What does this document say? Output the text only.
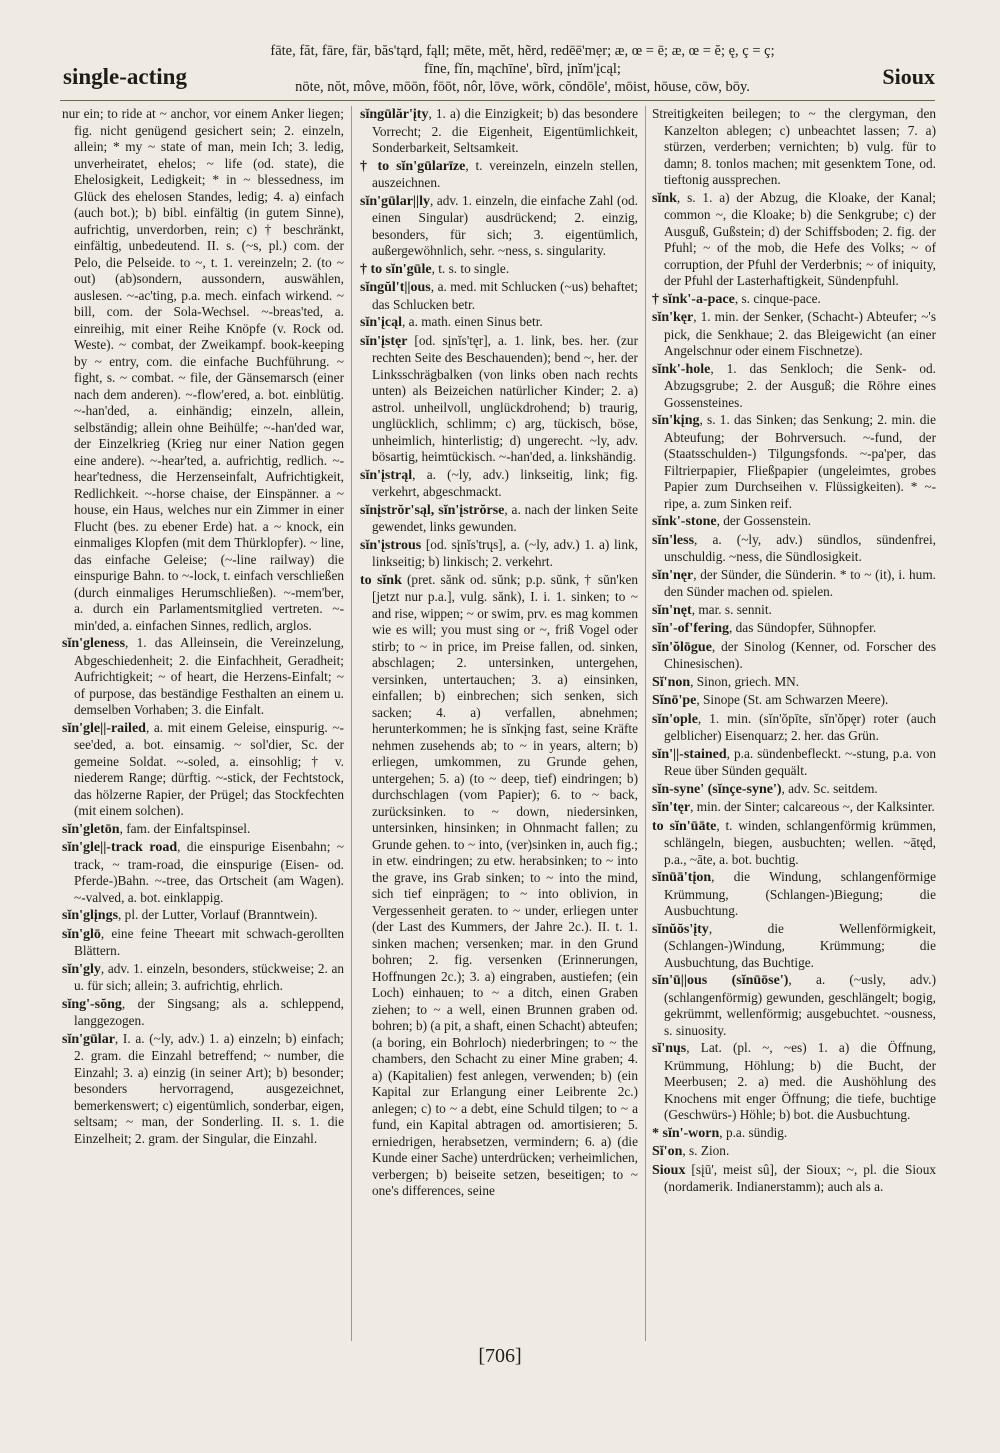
single-acting
fāte, făt, fāre, fär, băs'tąrd, fąll; mēte, mĕt, hẽrd, redēē'mẹr; æ, œ = ē; æ, œ = ĕ; ę, ç = ç;
fīne, fĭn, mąchīne', bĩrd, įnĭm'įcąl;
nōte, nŏt, môve, mōōn, fōōt, nôr, lōve, wōrk, cŏndōle', mōist, hōuse, cōw, bōy.	Sioux

nur ein; to ride at ~ anchor, vor einem Anker liegen; fig. nicht genügend gesichert sein; 2. einzeln, allein; * my ~ state of man, mein Ich; 3. ledig, unverheiratet, ehelos; ~ life (od. state), die Ehelosigkeit, Ledigkeit; * in ~ blessedness, im Glück des ehelosen Standes, ledig; 4. a) einfach (auch bot.); b) bibl. einfältig (in gutem Sinne), aufrichtig, unverdorben, rein; c) † beschränkt, einfältig, unbedeutend. II. s. (~s, pl.) com. der Pelo, die Pelseide. to ~, t. 1. vereinzeln; 2. (to ~ out) (ab)sondern, aussondern, auswählen, auslesen. ~-ac'ting, p.a. mech. einfach wirkend. ~ bill, com. der Sola-Wechsel. ~-breas'ted, a. einreihig, mit einer Reihe Knöpfe (v. Rock od. Weste). ~ combat, der Zweikampf. book-keeping by ~ entry, com. die einfache Buchführung. ~ fight, s. ~ combat. ~ file, der Gänsemarsch (einer nach dem anderen). ~-flow'ered, a. bot. einblütig. ~-han'ded, a. einhändig; einzeln, allein, selbständig; allein ohne Beihülfe; ~-han'ded war, der Einzelkrieg (Krieg nur einer Nation gegen eine andere). ~-hear'ted, a. aufrichtig, redlich. ~-hear'tedness, die Herzenseinfalt, Aufrichtigkeit, Redlichkeit. ~-horse chaise, der Einspänner. a ~ house, ein Haus, welches nur ein Zimmer in einer Flucht (bes. zu ebener Erde) hat. a ~ knock, ein einmaliges Klopfen (mit dem Thürklopfer). ~ line, das einfache Geleise; (~-line railway) die einspurige Bahn. to ~-lock, t. einfach verschließen (durch einmaliges Herumschließen). ~-mem'ber, a. durch ein Parlamentsmitglied vertreten. ~-min'ded, a. einfachen Sinnes, redlich, arglos.

sĭn'gleness, 1. das Alleinsein, die Vereinzelung, Abgeschiedenheit; 2. die Einfachheit, Geradheit; Aufrichtigkeit; ~ of heart, die Herzens-Einfalt; ~ of purpose, das beständige Festhalten an einem u. demselben Vorhaben; 3. die Einfalt.

sĭn'gle||-railed, a. mit einem Geleise, einspurig. ~-see'ded, a. bot. einsamig. ~ sol'dier, Sc. der gemeine Soldat. ~-soled, a. einsohlig; † v. niederem Range; dürftig. ~-stick, der Fechtstock, das hölzerne Rapier, der Prügel; das Stockfechten (mit einem solchen).

sĭn'gletōn, fam. der Einfaltspinsel.

sĭn'gle||-track road, die einspurige Eisenbahn; ~ track, ~ tram-road, die einspurige (Eisen- od. Pferde-)Bahn. ~-tree, das Ortscheit (am Wagen). ~-valved, a. bot. einklappig.

sĭn'glįngs, pl. der Lutter, Vorlauf (Branntwein).

sĭn'glō, eine feine Theeart mit schwach-gerollten Blättern.

sĭn'gly, adv. 1. einzeln, besonders, stückweise; 2. an u. für sich; allein; 3. aufrichtig, ehrlich.

sĭng'-sŏng, der Singsang; als a. schleppend, langgezogen.

sĭn'gūlar, I. a. (~ly, adv.) 1. a) einzeln; b) einfach; 2. gram. die Einzahl betreffend; ~ number, die Einzahl; 3. a) einzig (in seiner Art); b) besonder; besonders hervorragend, ausgezeichnet, bemerkenswert; c) eigentümlich, sonderbar, eigen, seltsam; ~ man, der Sonderling. II. s. 1. die Einzelheit; 2. gram. der Singular, die Einzahl.

sĭngūlăr'įty, 1. a) die Einzigkeit; b) das besondere Vorrecht; 2. die Eigenheit, Eigentümlichkeit, Sonderbarkeit, Seltsamkeit.

† to sĭn'gūlarīze, t. vereinzeln, einzeln stellen, auszeichnen.

sĭn'gūlar||ly, adv. 1. einzeln, die einfache Zahl (od. einen Singular) ausdrückend; 2. einzig, besonders, für sich; 3. eigentümlich, außergewöhnlich, sehr. ~ness, s. singularity.

† to sĭn'gūle, t. s. to single.

sĭngŭl't||ous, a. med. mit Schlucken (~us) behaftet; das Schlucken betr.

sĭn'įcąl, a. math. einen Sinus betr.

sĭn'įstęr [od. sįnĭs'tęr], a. 1. link, bes. her. (zur rechten Seite des Beschauenden); bend ~, her. der Linksschrägbalken (von links oben nach rechts unten) als Beizeichen natürlicher Kinder; 2. a) astrol. unheilvoll, unglückdrohend; b) traurig, unglücklich, schlimm; c) arg, tückisch, böse, unheimlich, hinterlistig; d) ungerecht. ~ly, adv. bösartig, heimtückisch. ~-han'ded, a. linkshändig.

sĭn'įstrąl, a. (~ly, adv.) linkseitig, link; fig. verkehrt, abgeschmackt.

sĭnįstrŏr'sąl, sĭn'įstrŏrse, a. nach der linken Seite gewendet, links gewunden.

sĭn'įstrous [od. sįnĭs'trųs], a. (~ly, adv.) 1. a) link, linkseitig; b) linkisch; 2. verkehrt.

to sĭnk (pret. sănk od. sŭnk; p.p. sŭnk, † sŭn'ken [jetzt nur p.a.], vulg. sănk), I. i. 1. sinken; to ~ and rise, wippen; ~ or swim, prv. es mag kommen wie es will; you must sing or ~, friß Vogel oder stirb; to ~ in price, im Preise fallen, od. sinken, abschlagen; 2. untersinken, untergehen, versinken, untertauchen; 3. a) einsinken, einfallen; b) einbrechen; sich senken, sich sacken; 4. a) verfallen, abnehmen; herunterkommen; he is sĭnkįng fast, seine Kräfte nehmen zusehends ab; to ~ in years, altern; b) erliegen, umkommen, zu Grunde gehen, untergehen; 5. a) (to ~ deep, tief) eindringen; b) durchschlagen (vom Papier); 6. to ~ back, zurücksinken. to ~ down, niedersinken, untersinken, hinsinken; in Ohnmacht fallen; zu Grunde gehen. to ~ into, (ver)sinken in, auch fig.; in etw. eindringen; zu etw. herabsinken; to ~ into the grave, ins Grab sinken; to ~ into the mind, sich tief einprägen; to ~ into oblivion, in Vergessenheit geraten. to ~ under, erliegen unter (der Last des Kummers, der Jahre 2c.). II. t. 1. sinken machen; versenken; mar. in den Grund bohren; 2. fig. versenken (Erinnerungen, Hoffnungen 2c.); 3. a) eingraben, austiefen; (ein Loch) einhauen; to ~ a ditch, einen Graben ziehen; to ~ a well, einen Brunnen graben od. bohren; b) (a pit, a shaft, einen Schacht) abteufen; (a boring, ein Bohrloch) niederbringen; to ~ the chambers, den Schacht zu einer Mine graben; 4. a) (Kapitalien) fest anlegen, verwenden; b) (ein Kapital zur Erlangung einer Leibrente 2c.) anlegen; c) to ~ a debt, eine Schuld tilgen; to ~ a fund, ein Kapital abtragen od. amortisieren; 5. erniedrigen, herabsetzen, vermindern; 6. a) (die Kunde einer Sache) unterdrücken; verheimlichen, verbergen; b) beiseite setzen, beseitigen; to ~ one's differences, seine

Streitigkeiten beilegen; to ~ the clergyman, den Kanzelton ablegen; c) unbeachtet lassen; 7. a) stürzen, verderben; vernichten; b) vulg. für to damn; 8. tonlos machen; mit gesenktem Tone, od. tieftonig aussprechen.

sĭnk, s. 1. a) der Abzug, die Kloake, der Kanal; common ~, die Kloake; b) die Senkgrube; c) der Ausguß, Gußstein; d) der Schiffsboden; 2. fig. der Pfuhl; ~ of the mob, die Hefe des Volks; ~ of corruption, der Pfuhl der Verderbnis; ~ of iniquity, der Pfuhl der Lasterhaftigkeit, Sündenpfuhl.

† sĭnk'-a-pace, s. cinque-pace.

sĭn'kęr, 1. min. der Senker, (Schacht-) Abteufer; ~'s pick, die Senkhaue; 2. das Bleigewicht (an einer Angelschnur oder einem Fischnetze).

sĭnk'-hole, 1. das Senkloch; die Senk- od. Abzugsgrube; 2. der Ausguß; die Röhre eines Gossensteines.

sĭn'kįng, s. 1. das Sinken; das Senkung; 2. min. die Abteufung; der Bohrversuch. ~-fund, der (Staatsschulden-) Tilgungsfonds. ~-pa'per, das Filtrierpapier, Fließpapier (ungeleimtes, grobes Papier zum Durchseihen v. Flüssigkeiten). * ~-ripe, a. zum Sinken reif.

sĭnk'-stone, der Gossenstein.

sĭn'less, a. (~ly, adv.) sündlos, sündenfrei, unschuldig. ~ness, die Sündlosigkeit.

sĭn'nęr, der Sünder, die Sünderin. * to ~ (it), i. hum. den Sünder machen od. spielen.

sĭn'nęt, mar. s. sennit.

sĭn'-of'fering, das Sündopfer, Sühnopfer.

sĭn'ŏlōgue, der Sinolog (Kenner, od. Forscher des Chinesischen).

Sĭ'non, Sinon, griech. MN.

Sĭnō'pe, Sinope (St. am Schwarzen Meere).

sĭn'ople, 1. min. (sĭn'ŏpīte, sĭn'ŏpęr) roter (auch gelblicher) Eisenquarz; 2. her. das Grün.

sĭn'||-stained, p.a. sündenbefleckt. ~-stung, p.a. von Reue über Sünden gequält.

sĭn-syne' (sĭnçe-syne'), adv. Sc. seitdem.

sĭn'tęr, min. der Sinter; calcareous ~, der Kalksinter.

to sĭn'ūāte, t. winden, schlangenförmig krümmen, schlängeln, biegen, ausbuchten; wellen. ~ātęd, p.a., ~āte, a. bot. buchtig.

sĭnūā'tįon, die Windung, schlangenförmige Krümmung, (Schlangen-)Biegung; die Ausbuchtung.

sĭnŭŏs'įty, die Wellenförmigkeit, (Schlangen-)Windung, Krümmung; die Ausbuchtung, das Buchtige.

sĭn'ū||ous (sĭnūōse'), a. (~usly, adv.) (schlangenförmig) gewunden, geschlängelt; bogig, gekrümmt, wellenförmig; ausgebuchtet. ~ousness, s. sinuosity.

sĭ'nųs, Lat. (pl. ~, ~es) 1. a) die Öffnung, Krümmung, Höhlung; b) die Bucht, der Meerbusen; 2. a) med. die Aushöhlung des Knochens mit enger Öffnung; die tiefe, buchtige (Geschwürs-) Höhle; b) bot. die Ausbuchtung.

* sĭn'-worn, p.a. sündig.

Sĭ'on, s. Zion.

Sioux [sįū', meist sû], der Sioux; ~, pl. die Sioux (nordamerik. Indianerstamm); auch als a.

[706]
